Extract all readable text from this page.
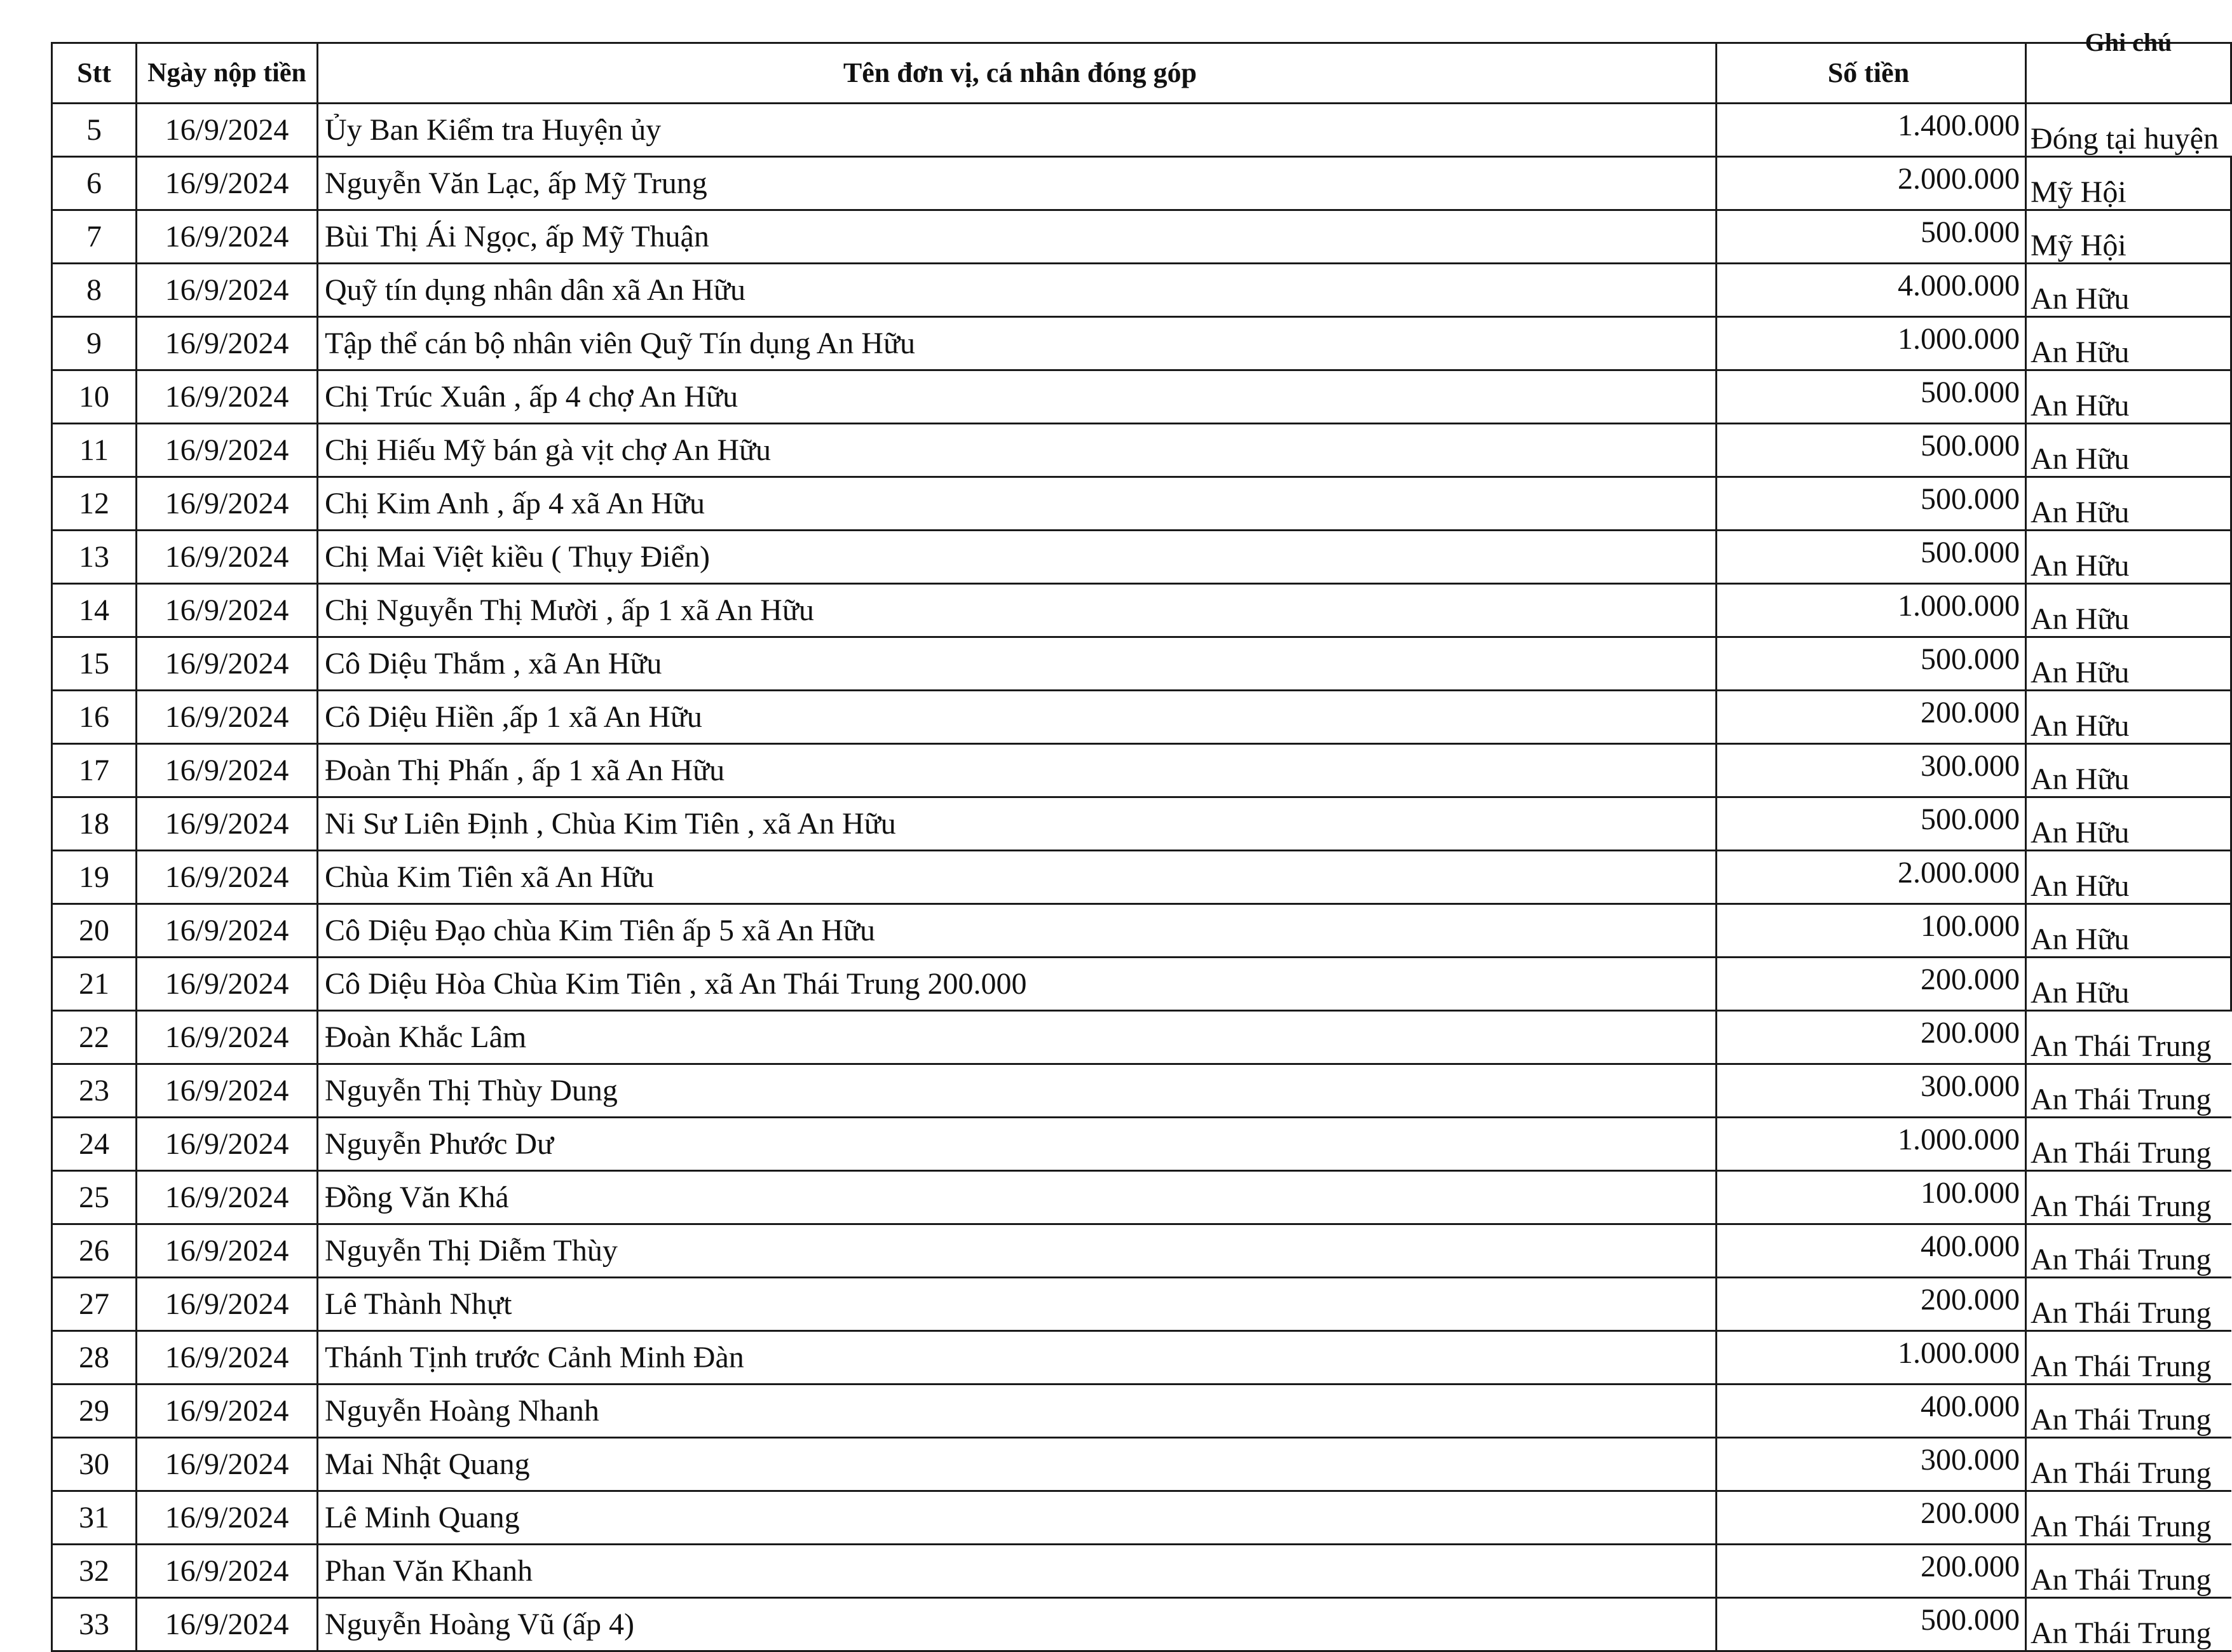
Stt	Ngày nộp tiền	Tên đơn vị, cá nhân đóng góp	Số tiền	Ghi chú

5	16/9/2024	Ủy Ban Kiểm tra Huyện ủy	1.400.000	Đóng tại huyện

6	16/9/2024	Nguyễn Văn Lạc, ấp Mỹ Trung	2.000.000	Mỹ Hội

7	16/9/2024	Bùi Thị Ái Ngọc, ấp Mỹ Thuận	500.000	Mỹ Hội

8	16/9/2024	Quỹ tín dụng nhân dân xã An Hữu	4.000.000	An Hữu

9	16/9/2024	Tập thể cán bộ nhân viên Quỹ Tín dụng An Hữu	1.000.000	An Hữu

10	16/9/2024	Chị Trúc Xuân , ấp 4 chợ An Hữu	500.000	An Hữu

11	16/9/2024	Chị Hiếu Mỹ bán gà vịt chợ An Hữu	500.000	An Hữu

12	16/9/2024	Chị Kim Anh , ấp 4 xã An Hữu	500.000	An Hữu

13	16/9/2024	Chị Mai Việt kiều ( Thụy Điển)	500.000	An Hữu

14	16/9/2024	Chị Nguyễn Thị Mười , ấp 1 xã An Hữu	1.000.000	An Hữu

15	16/9/2024	Cô Diệu Thắm , xã An Hữu	500.000	An Hữu

16	16/9/2024	Cô Diệu Hiền ,ấp 1 xã An Hữu	200.000	An Hữu

17	16/9/2024	Đoàn Thị Phấn , ấp 1 xã An Hữu	300.000	An Hữu

18	16/9/2024	Ni Sư Liên Định , Chùa Kim Tiên , xã An Hữu	500.000	An Hữu

19	16/9/2024	Chùa Kim Tiên xã An Hữu	2.000.000	An Hữu

20	16/9/2024	Cô Diệu Đạo chùa Kim Tiên ấp 5 xã An Hữu	100.000	An Hữu

21	16/9/2024	Cô Diệu Hòa Chùa Kim Tiên , xã An Thái Trung 200.000	200.000	An Hữu

22	16/9/2024	Đoàn Khắc Lâm	200.000	An Thái Trung

23	16/9/2024	Nguyễn Thị Thùy Dung	300.000	An Thái Trung

24	16/9/2024	Nguyễn Phước Dư	1.000.000	An Thái Trung

25	16/9/2024	Đồng Văn Khá	100.000	An Thái Trung

26	16/9/2024	Nguyễn Thị Diễm Thùy	400.000	An Thái Trung

27	16/9/2024	Lê Thành Nhựt	200.000	An Thái Trung

28	16/9/2024	Thánh Tịnh trước Cảnh Minh Đàn	1.000.000	An Thái Trung

29	16/9/2024	Nguyễn Hoàng Nhanh	400.000	An Thái Trung

30	16/9/2024	Mai Nhật Quang	300.000	An Thái Trung

31	16/9/2024	Lê Minh Quang	200.000	An Thái Trung

32	16/9/2024	Phan Văn Khanh	200.000	An Thái Trung

33	16/9/2024	Nguyễn Hoàng Vũ (ấp 4)	500.000	An Thái Trung
